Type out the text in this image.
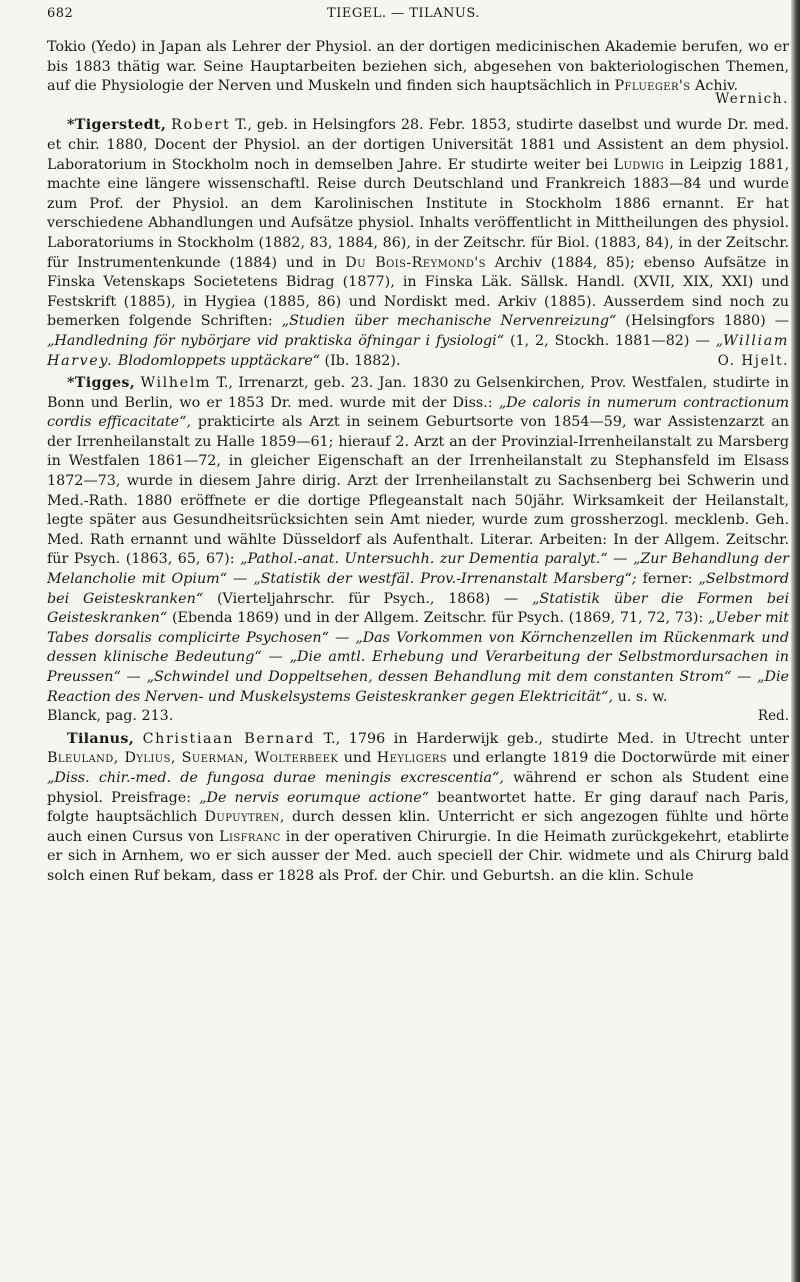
682	TIEGEL. — TILANUS.

Tokio (Yedo) in Japan als Lehrer der Physiol. an der dortigen medicinischen Akademie berufen, wo er bis 1883 thätig war. Seine Hauptarbeiten beziehen sich, abgesehen von bakteriologischen Themen, auf die Physiologie der Nerven und Muskeln und finden sich hauptsächlich in Pflueger's Achiv.
Wernich.

*Tigerstedt, Robert T., geb. in Helsingfors 28. Febr. 1853, studirte daselbst und wurde Dr. med. et chir. 1880, Docent der Physiol. an der dortigen Universität 1881 und Assistent an dem physiol. Laboratorium in Stockholm noch in demselben Jahre. Er studirte weiter bei Ludwig in Leipzig 1881, machte eine längere wissenschaftl. Reise durch Deutschland und Frankreich 1883—84 und wurde zum Prof. der Physiol. an dem Karolinischen Institute in Stockholm 1886 ernannt. Er hat verschiedene Abhandlungen und Aufsätze physiol. Inhalts veröffentlicht in Mittheilungen des physiol. Laboratoriums in Stockholm (1882, 83, 1884, 86), in der Zeitschr. für Biol. (1883, 84), in der Zeitschr. für Instrumentenkunde (1884) und in Du Bois-Reymond's Archiv (1884, 85); ebenso Aufsätze in Finska Vetenskaps Societetens Bidrag (1877), in Finska Läk. Sällsk. Handl. (XVII, XIX, XXI) und Festskrift (1885), in Hygiea (1885, 86) und Nordiskt med. Arkiv (1885). Ausserdem sind noch zu bemerken folgende Schriften: „Studien über mechanische Nervenreizung“ (Helsingfors 1880) — „Handledning för nybörjare vid praktiska öfningar i fysiologi“ (1, 2, Stockh. 1881—82) — „William Harvey. Blodomloppets upptäckare“ (Ib. 1882).	O. Hjelt.

*Tigges, Wilhelm T., Irrenarzt, geb. 23. Jan. 1830 zu Gelsenkirchen, Prov. Westfalen, studirte in Bonn und Berlin, wo er 1853 Dr. med. wurde mit der Diss.: „De caloris in numerum contractionum cordis efficacitate“, prakticirte als Arzt in seinem Geburtsorte von 1854—59, war Assistenzarzt an der Irrenheilanstalt zu Halle 1859—61; hierauf 2. Arzt an der Provinzial-Irrenheilanstalt zu Marsberg in Westfalen 1861—72, in gleicher Eigenschaft an der Irrenheilanstalt zu Stephansfeld im Elsass 1872—73, wurde in diesem Jahre dirig. Arzt der Irrenheilanstalt zu Sachsenberg bei Schwerin und Med.-Rath. 1880 eröffnete er die dortige Pflegeanstalt nach 50jähr. Wirksamkeit der Heilanstalt, legte später aus Gesundheitsrücksichten sein Amt nieder, wurde zum grossherzogl. mecklenb. Geh. Med. Rath ernannt und wählte Düsseldorf als Aufenthalt. Literar. Arbeiten: In der Allgem. Zeitschr. für Psych. (1863, 65, 67): „Pathol.-anat. Untersuchh. zur Dementia paralyt.“ — „Zur Behandlung der Melancholie mit Opium“ — „Statistik der westfäl. Prov.-Irrenanstalt Marsberg“; ferner: „Selbstmord bei Geisteskranken“ (Vierteljahrschr. für Psych., 1868) — „Statistik über die Formen bei Geisteskranken“ (Ebenda 1869) und in der Allgem. Zeitschr. für Psych. (1869, 71, 72, 73): „Ueber mit Tabes dorsalis complicirte Psychosen“ — „Das Vorkommen von Körnchenzellen im Rückenmark und dessen klinische Bedeutung“ — „Die amtl. Erhebung und Verarbeitung der Selbstmordursachen in Preussen“ — „Schwindel und Doppeltsehen, dessen Behandlung mit dem constanten Strom“ — „Die Reaction des Nerven- und Muskelsystems Geisteskranker gegen Elektricität“, u. s. w.
Blanck, pag. 213.	Red.

Tilanus, Christiaan Bernard T., 1796 in Harderwijk geb., studirte Med. in Utrecht unter Bleuland, Dylius, Suerman, Wolterbeek und Heyligers und erlangte 1819 die Doctorwürde mit einer „Diss. chir.-med. de fungosa durae meningis excrescentia“, während er schon als Student eine physiol. Preisfrage: „De nervis eorumque actione“ beantwortet hatte. Er ging darauf nach Paris, folgte hauptsächlich Dupuytren, durch dessen klin. Unterricht er sich angezogen fühlte und hörte auch einen Cursus von Lisfranc in der operativen Chirurgie. In die Heimath zurückgekehrt, etablirte er sich in Arnhem, wo er sich ausser der Med. auch speciell der Chir. widmete und als Chirurg bald solch einen Ruf bekam, dass er 1828 als Prof. der Chir. und Geburtsh. an die klin. Schule
